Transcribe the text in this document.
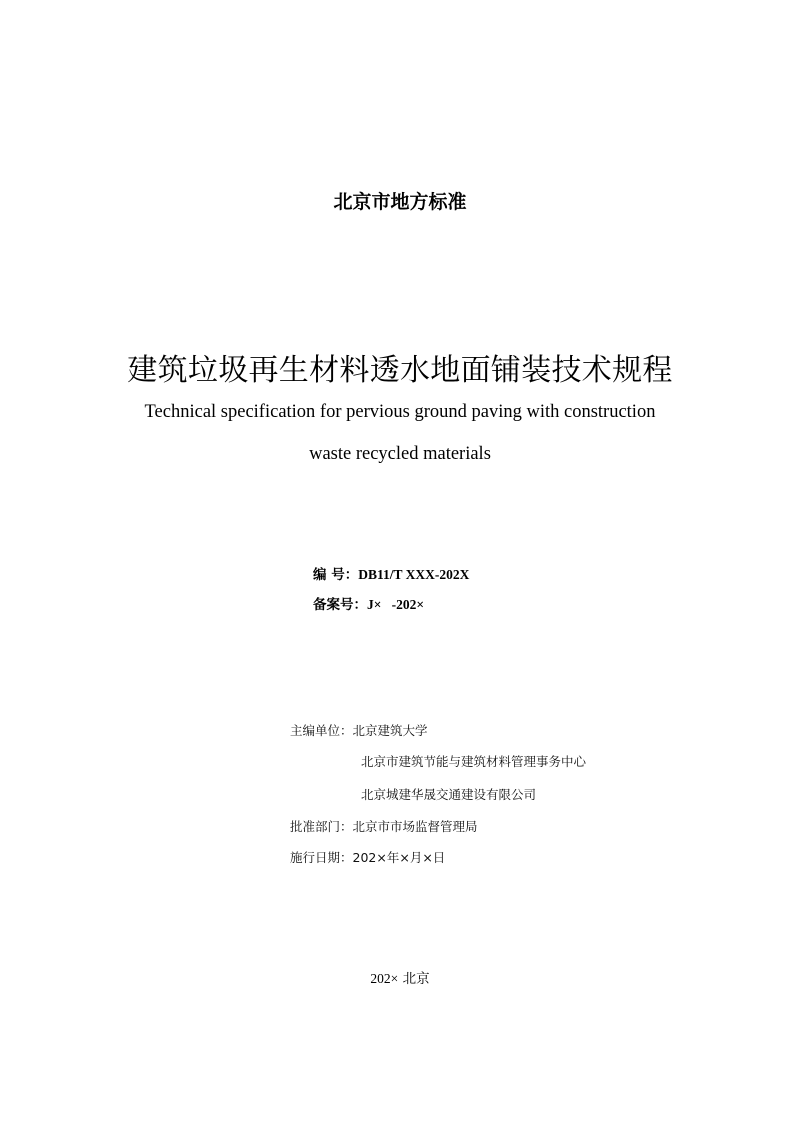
北京市地方标准
建筑垃圾再生材料透水地面铺装技术规程
Technical specification for pervious ground paving with construction
waste recycled materials
编 号：DB11/T XXX-202X
备案号：J×   -202×
主编单位：北京建筑大学
北京市建筑节能与建筑材料管理事务中心
北京城建华晟交通建设有限公司
批准部门：北京市市场监督管理局
施行日期：202×年×月×日
202× 北京
